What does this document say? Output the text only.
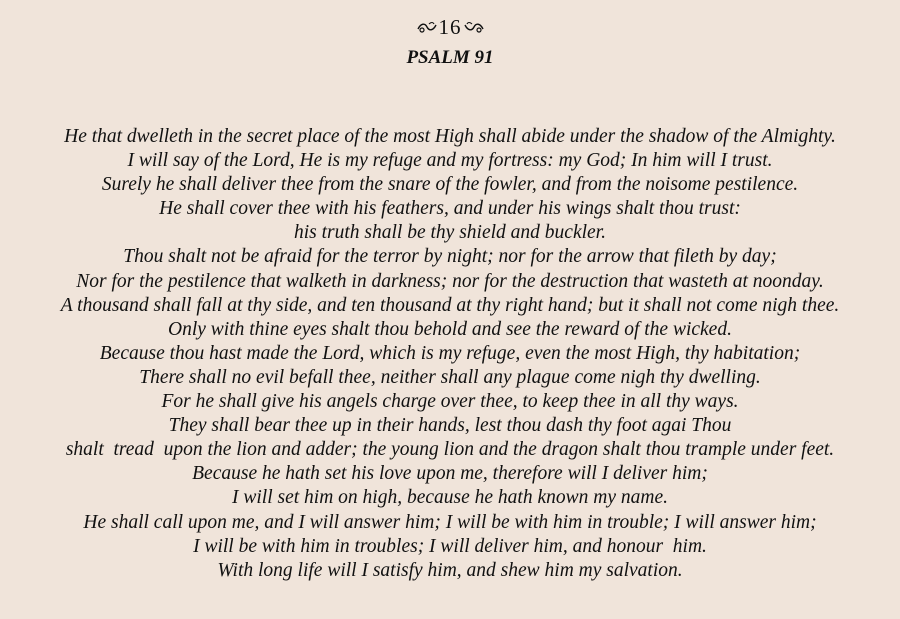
16
PSALM 91
He that dwelleth in the secret place of the most High shall abide under the shadow of the Almighty.
I will say of the Lord, He is my refuge and my fortress: my God; In him will I trust.
Surely he shall deliver thee from the snare of the fowler, and from the noisome pestilence.
He shall cover thee with his feathers, and under his wings shalt thou trust:
his truth shall be thy shield and buckler.
Thou shalt not be afraid for the terror by night; nor for the arrow that fileth by day;
Nor for the pestilence that walketh in darkness; nor for the destruction that wasteth at noonday.
A thousand shall fall at thy side, and ten thousand at thy right hand; but it shall not come nigh thee.
Only with thine eyes shalt thou behold and see the reward of the wicked.
Because thou hast made the Lord, which is my refuge, even the most High, thy habitation;
There shall no evil befall thee, neither shall any plague come nigh thy dwelling.
For he shall give his angels charge over thee, to keep thee in all thy ways.
They shall bear thee up in their hands, lest thou dash thy foot agai Thou
shalt  tread  upon the lion and adder; the young lion and the dragon shalt thou trample under feet.
Because he hath set his love upon me, therefore will I deliver him;
I will set him on high, because he hath known my name.
He shall call upon me, and I will answer him; I will be with him in trouble; I will answer him;
I will be with him in troubles; I will deliver him, and honour  him.
With long life will I satisfy him, and shew him my salvation.
